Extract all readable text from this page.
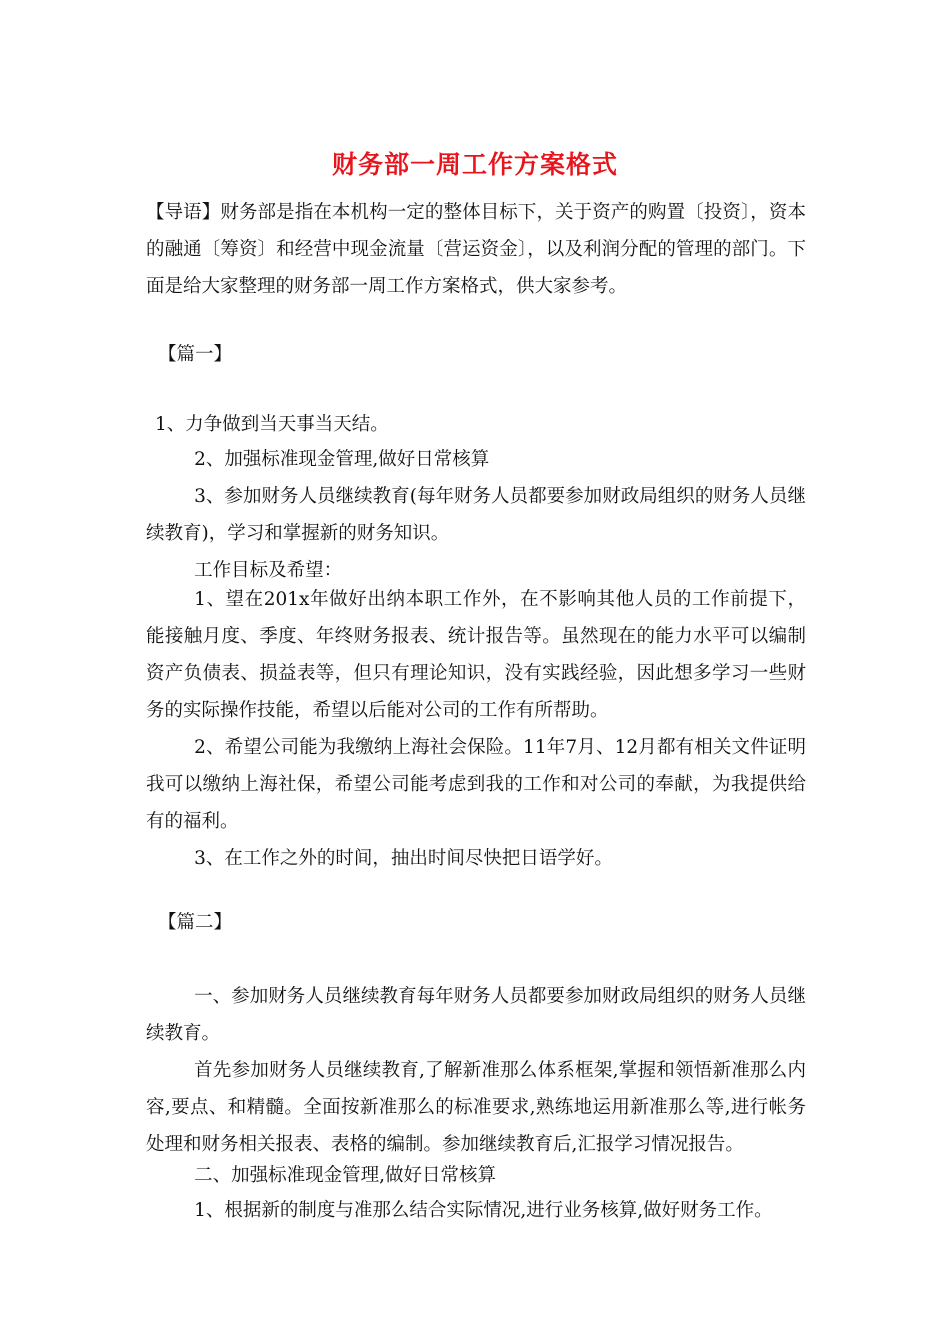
财务部一周工作方案格式

【导语】财务部是指在本机构一定的整体目标下，关于资产的购置〔投资〕，资本的融通〔筹资〕和经营中现金流量〔营运资金〕，以及利润分配的管理的部门。下面是给大家整理的财务部一周工作方案格式，供大家参考。

【篇一】

1、力争做到当天事当天结。

2、加强标准现金管理,做好日常核算

3、参加财务人员继续教育(每年财务人员都要参加财政局组织的财务人员继续教育)，学习和掌握新的财务知识。

工作目标及希望：

1、望在201x年做好出纳本职工作外，在不影响其他人员的工作前提下，能接触月度、季度、年终财务报表、统计报告等。虽然现在的能力水平可以编制资产负债表、损益表等，但只有理论知识，没有实践经验，因此想多学习一些财务的实际操作技能，希望以后能对公司的工作有所帮助。

2、希望公司能为我缴纳上海社会保险。11年7月、12月都有相关文件证明我可以缴纳上海社保，希望公司能考虑到我的工作和对公司的奉献，为我提供给有的福利。

3、在工作之外的时间，抽出时间尽快把日语学好。

【篇二】

一、参加财务人员继续教育每年财务人员都要参加财政局组织的财务人员继续教育。

首先参加财务人员继续教育,了解新准那么体系框架,掌握和领悟新准那么内容,要点、和精髓。全面按新准那么的标准要求,熟练地运用新准那么等,进行帐务处理和财务相关报表、表格的编制。参加继续教育后,汇报学习情况报告。

二、加强标准现金管理,做好日常核算

1、根据新的制度与准那么结合实际情况,进行业务核算,做好财务工作。
